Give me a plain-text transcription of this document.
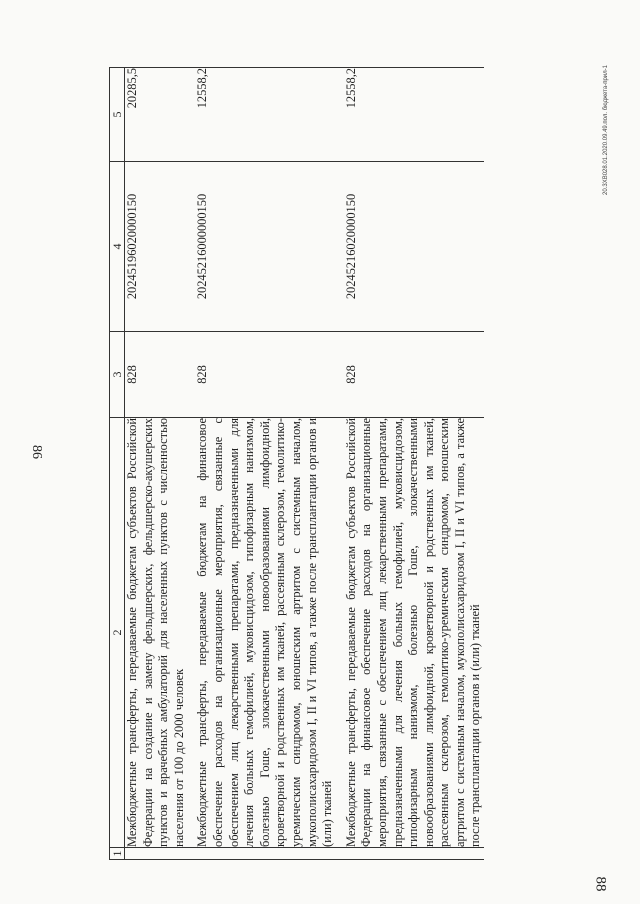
86
88
20.3ХВ028.01.2020.09.49.пол. бюджета-прил-1
1	2	3	4	5
	Межбюджетные трансферты, передаваемые бюджетам субъектов Российской Федерации на создание и замену фельдшерских, фельдшерско-акушерских пунктов и врачебных амбулаторий для населенных пунктов с численностью населения от 100 до 2000 человек	828	20245196020000150	20285,5

	Межбюджетные трансферты, передаваемые бюджетам на финансовое обеспечение расходов на организационные мероприятия, связанные с обеспечением лиц лекарственными препаратами, предназначенными для лечения больных гемофилией, муковисцидозом, гипофизарным нанизмом, болезнью Гоше, злокачественными новообразованиями лимфоидной, кроветворной и родственных им тканей, рассеянным склерозом, гемолитико-уремическим синдромом, юношеским артритом с системным началом, мукополисахаридозом I, II и VI типов, а также после трансплантации органов и (или) тканей	828	20245216000000150	12558,2

	Межбюджетные трансферты, передаваемые бюджетам субъектов Российской Федерации на финансовое обеспечение расходов на организационные мероприятия, связанные с обеспечением лиц лекарственными препаратами, предназначенными для лечения больных гемофилией, муковисцидозом, гипофизарным нанизмом, болезнью Гоше, злокачественными новообразованиями лимфоидной, кроветворной и родственных им тканей, рассеянным склерозом, гемолитико-уремическим синдромом, юношеским артритом с системным началом, мукополисахаридозом I, II и VI типов, а также после трансплантации органов и (или) тканей	828	20245216020000150	12558,2
